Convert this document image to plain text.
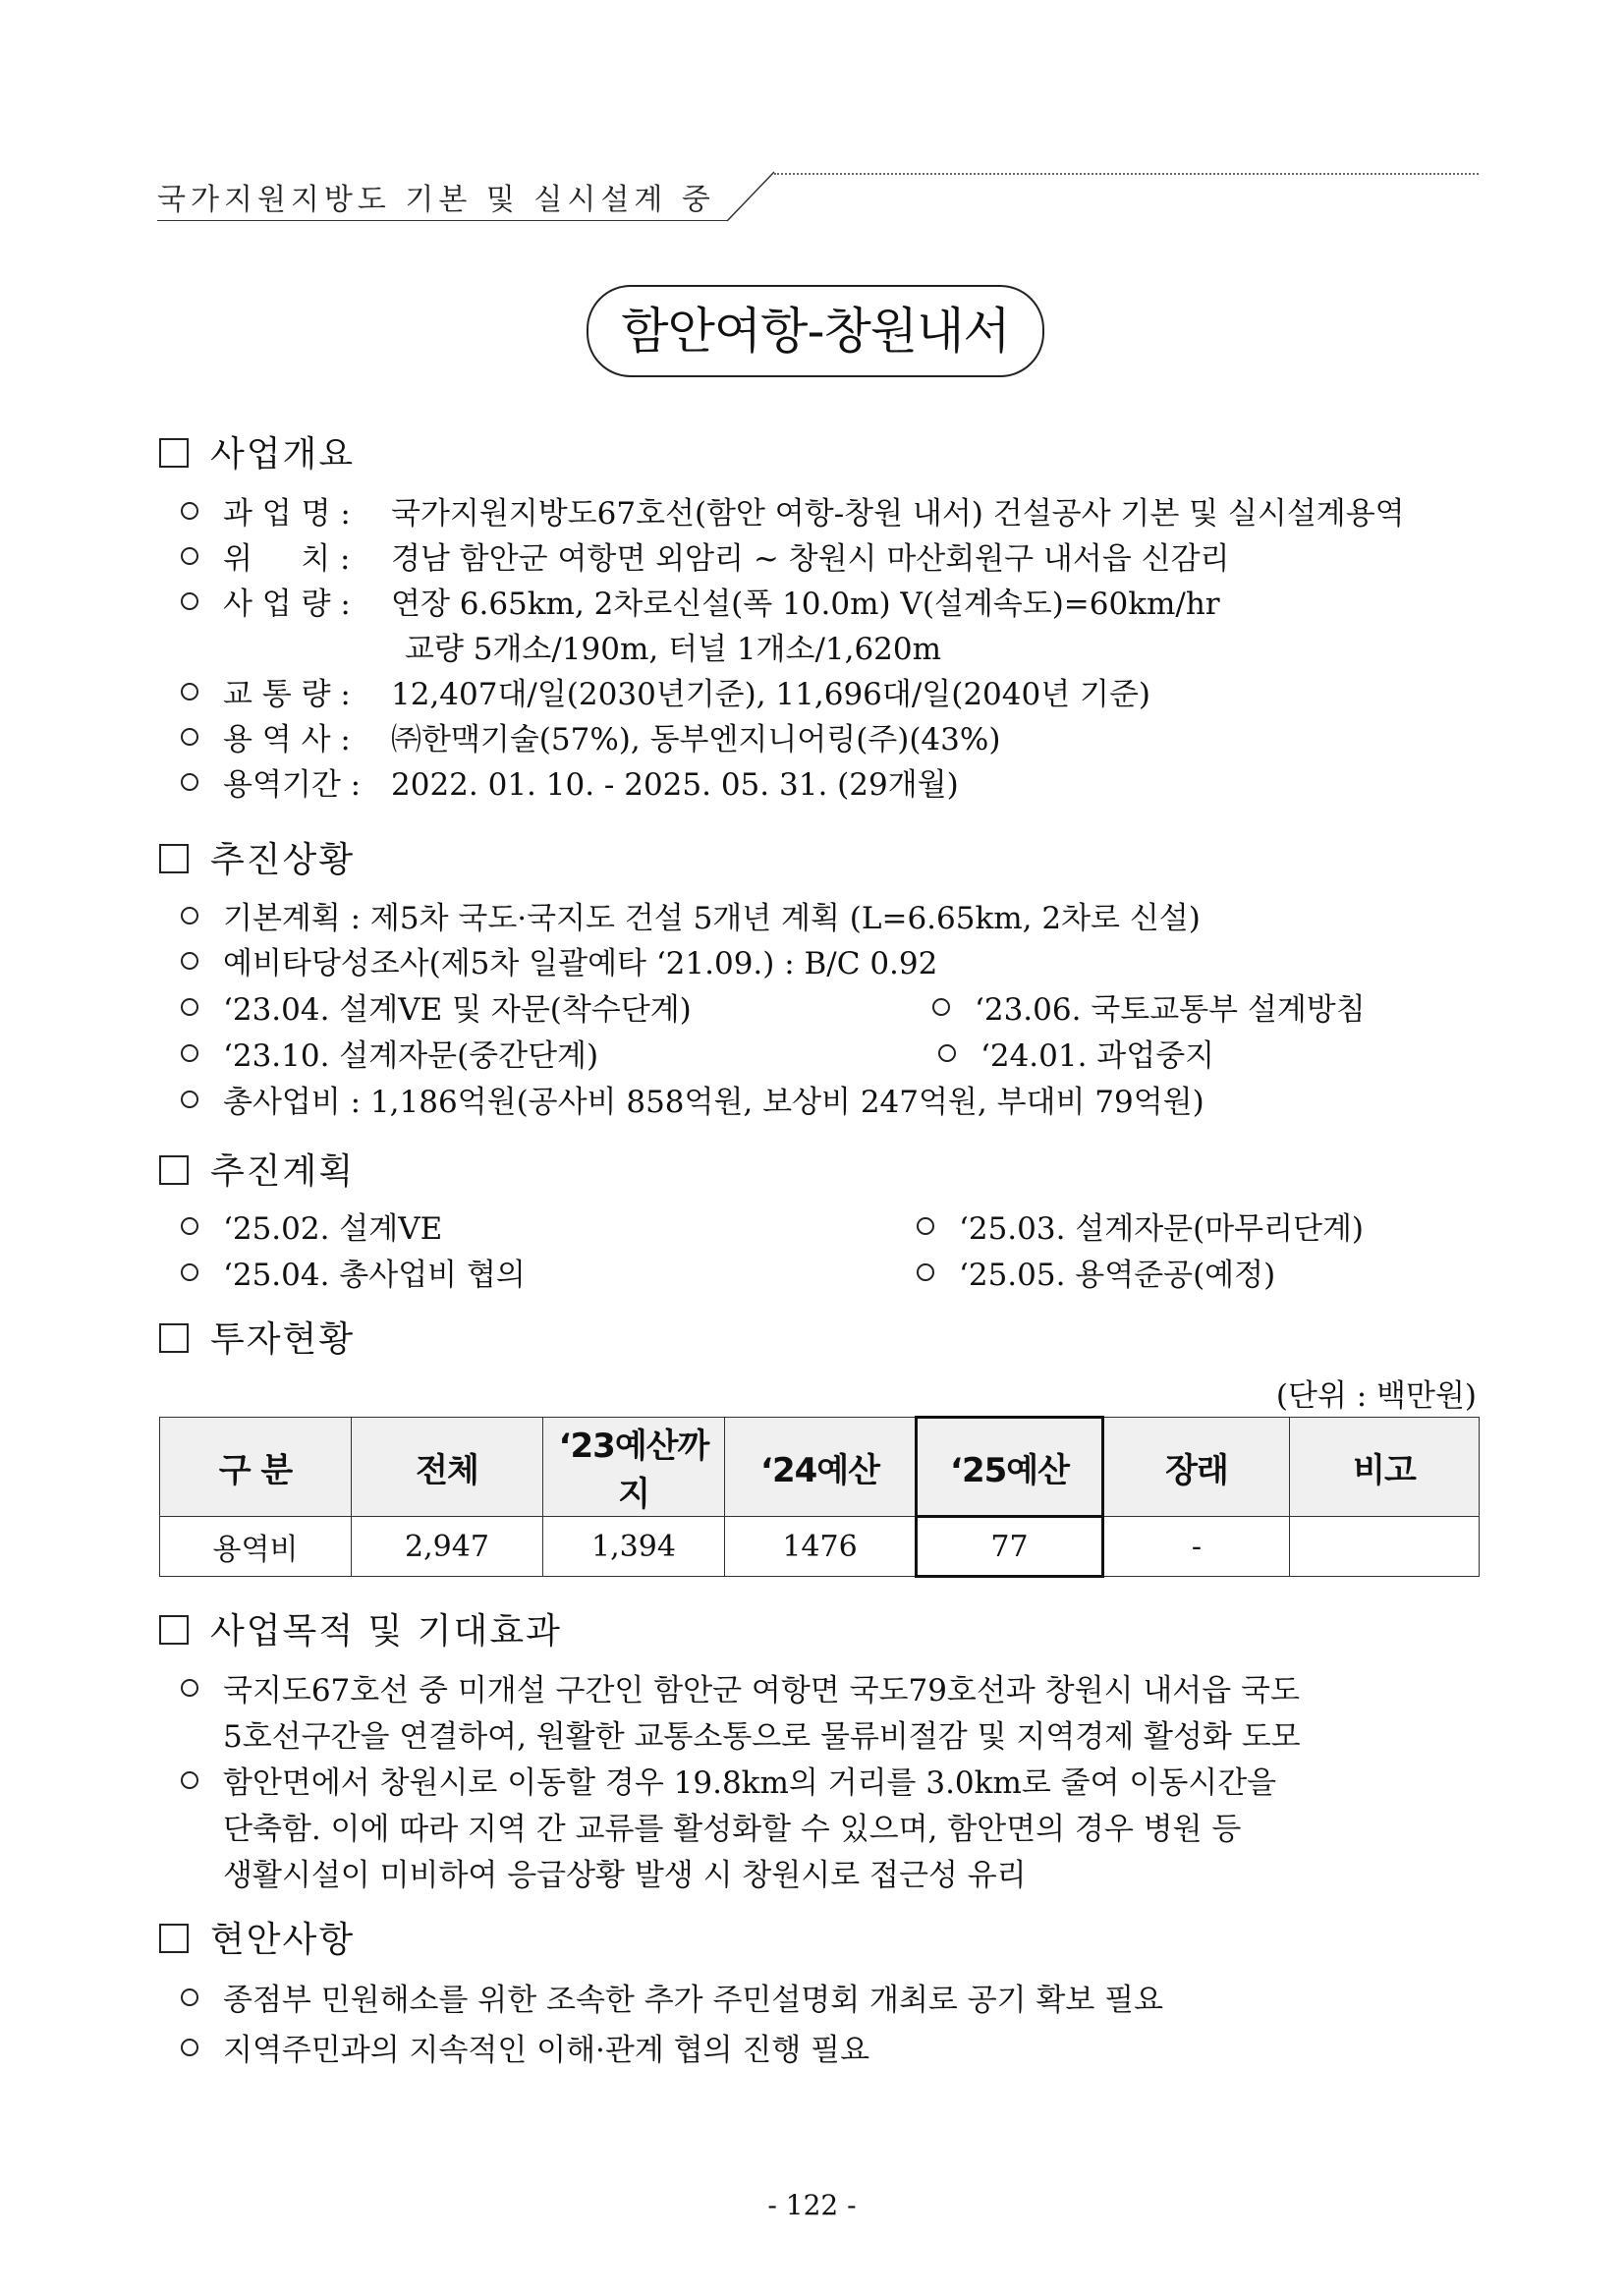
국가지원지방도 기본 및 실시설계 중
함안여항-창원내서
사업개요
과 업 명 : 국가지원지방도67호선(함안 여항-창원 내서) 건설공사 기본 및 실시설계용역
위     치 : 경남 함안군 여항면 외암리 ~ 창원시 마산회원구 내서읍 신감리
사 업 량 : 연장 6.65km, 2차로신설(폭 10.0m) V(설계속도)=60km/hr
교량 5개소/190m, 터널 1개소/1,620m
교 통 량 : 12,407대/일(2030년기준), 11,696대/일(2040년 기준)
용 역 사 : ㈜한맥기술(57%), 동부엔지니어링(주)(43%)
용역기간 : 2022. 01. 10. - 2025. 05. 31. (29개월)
추진상황
기본계획 : 제5차 국도·국지도 건설 5개년 계획 (L=6.65km, 2차로 신설)
예비타당성조사(제5차 일괄예타 ‘21.09.) : B/C 0.92
‘23.04. 설계VE 및 자문(착수단계)	‘23.06. 국토교통부 설계방침
‘23.10. 설계자문(중간단계)	‘24.01. 과업중지
총사업비 : 1,186억원(공사비 858억원, 보상비 247억원, 부대비 79억원)
추진계획
‘25.02. 설계VE	‘25.03. 설계자문(마무리단계)
‘25.04. 총사업비 협의	‘25.05. 용역준공(예정)
투자현황
(단위 : 백만원)
구 분	전체	‘23예산까지	‘24예산	‘25예산	장래	비고
용역비	2,947	1,394	1476	77	-	
사업목적 및 기대효과
국지도67호선 중 미개설 구간인 함안군 여항면 국도79호선과 창원시 내서읍 국도
5호선구간을 연결하여, 원활한 교통소통으로 물류비절감 및 지역경제 활성화 도모
함안면에서 창원시로 이동할 경우 19.8km의 거리를 3.0km로 줄여 이동시간을
단축함. 이에 따라 지역 간 교류를 활성화할 수 있으며, 함안면의 경우 병원 등
생활시설이 미비하여 응급상황 발생 시 창원시로 접근성 유리
현안사항
종점부 민원해소를 위한 조속한 추가 주민설명회 개최로 공기 확보 필요
지역주민과의 지속적인 이해·관계 협의 진행 필요
- 122 -
